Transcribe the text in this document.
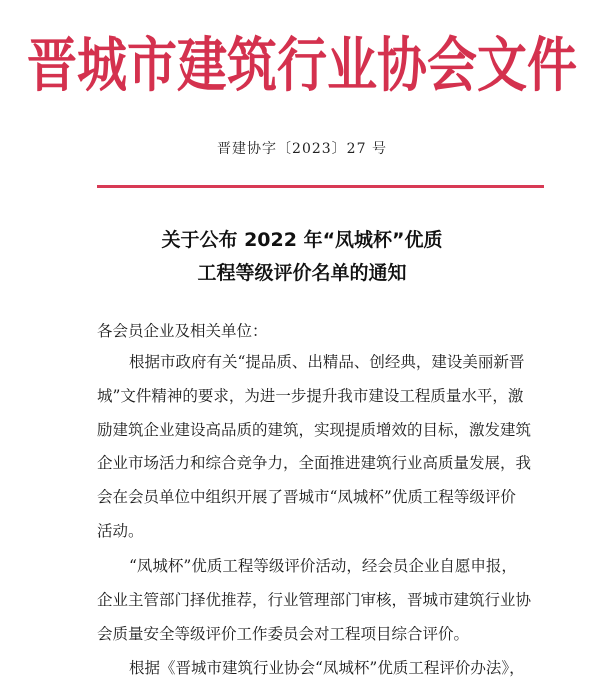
晋城市建筑行业协会文件
晋建协字〔2023〕27 号
关于公布 2022 年“凤城杯”优质
工程等级评价名单的通知
各会员企业及相关单位：
根据市政府有关“提品质、出精品、创经典，建设美丽新晋
城”文件精神的要求，为进一步提升我市建设工程质量水平，激
励建筑企业建设高品质的建筑，实现提质增效的目标，激发建筑
企业市场活力和综合竞争力，全面推进建筑行业高质量发展，我
会在会员单位中组织开展了晋城市“凤城杯”优质工程等级评价
活动。
“凤城杯”优质工程等级评价活动，经会员企业自愿申报，
企业主管部门择优推荐，行业管理部门审核，晋城市建筑行业协
会质量安全等级评价工作委员会对工程项目综合评价。
根据《晋城市建筑行业协会“凤城杯”优质工程评价办法》，
